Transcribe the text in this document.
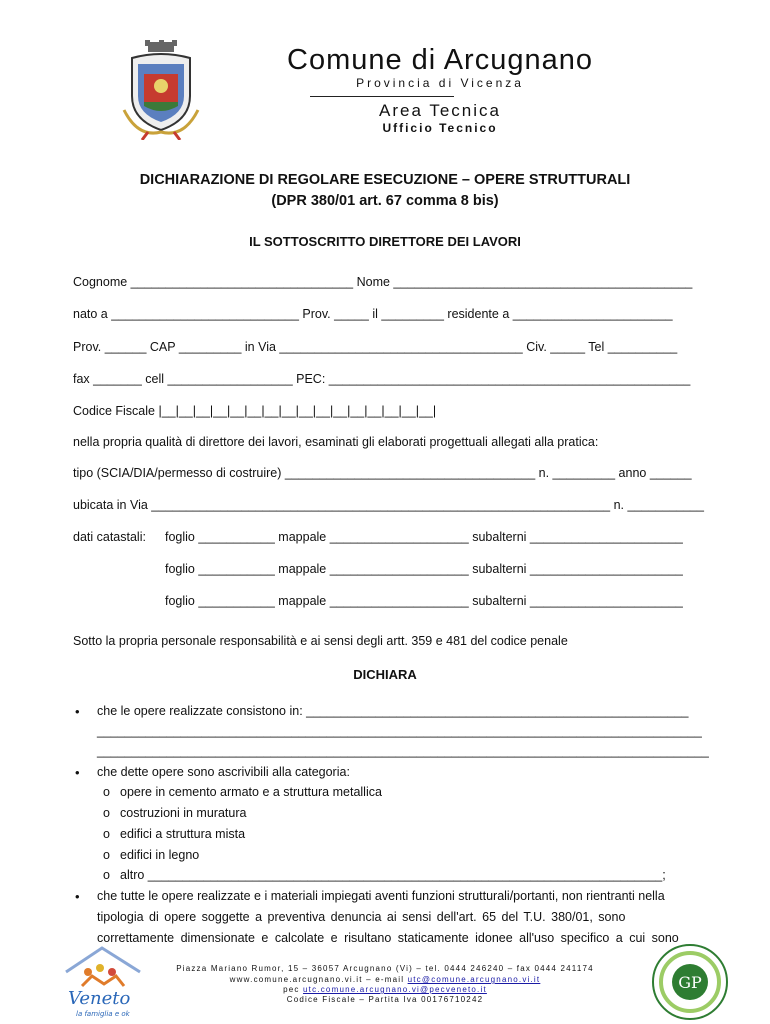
Comune di Arcugnano
Provincia di Vicenza
Area Tecnica
Ufficio Tecnico
DICHIARAZIONE DI REGOLARE ESECUZIONE – OPERE STRUTTURALI
(DPR 380/01 art. 67 comma 8 bis)
IL SOTTOSCRITTO DIRETTORE DEI LAVORI
Cognome ________________________________ Nome ___________________________________________
nato a ___________________________ Prov. _____ il _________ residente a _______________________
Prov. ______ CAP _________ in Via ___________________________________ Civ. _____ Tel __________
fax _______ cell __________________ PEC: ____________________________________________________
Codice Fiscale |__|__|__|__|__|__|__|__|__|__|__|__|__|__|__|__|
nella propria qualità di direttore dei lavori, esaminati gli elaborati progettuali allegati alla pratica:
tipo (SCIA/DIA/permesso di costruire) ____________________________________ n. _________ anno ______
ubicata in Via __________________________________________________________________ n. ___________
dati catastali: foglio ___________ mappale ____________________ subalterni ______________________
foglio ___________ mappale ____________________ subalterni ______________________
foglio ___________ mappale ____________________ subalterni ______________________
Sotto la propria personale responsabilità e ai sensi degli artt. 359 e 481 del codice penale
DICHIARA
• che le opere realizzate consistono in: _______________________________________________________
_______________________________________________________________________________________
________________________________________________________________________________________
• che dette opere sono ascrivibili alla categoria:
o opere in cemento armato e a struttura metallica
o costruzioni in muratura
o edifici a struttura mista
o edifici in legno
o altro __________________________________________________________________________;
• che tutte le opere realizzate e i materiali impiegati aventi funzioni strutturali/portanti, non rientranti nella
tipologia di opere soggette a preventiva denuncia ai sensi dell'art. 65 del T.U. 380/01, sono
correttamente dimensionate e calcolate e risultano staticamente idonee all'uso specifico a cui sono
Veneto
la famiglia e ok
Piazza Mariano Rumor, 15 – 36057 Arcugnano (Vi) – tel. 0444 246240 – fax 0444 241174
www.comune.arcugnano.vi.it – e-mail utc@comune.arcugnano.vi.it
pec utc.comune.arcugnano.vi@pecveneto.it
Codice Fiscale – Partita Iva 00176710242
GP
